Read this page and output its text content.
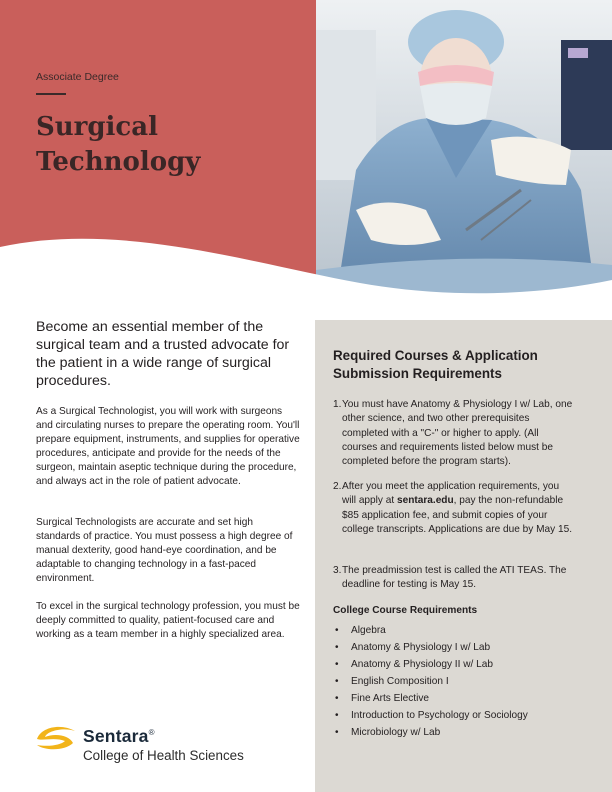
Associate Degree
Surgical Technology

Become an essential member of the surgical team and a trusted advocate for the patient in a wide range of surgical procedures.

As a Surgical Technologist, you will work with surgeons and circulating nurses to prepare the operating room. You'll prepare equipment, instruments, and supplies for operative procedures, anticipate and provide for the needs of the surgeon, maintain aseptic technique during the procedure, and always act in the role of patient advocate.

Surgical Technologists are accurate and set high standards of practice. You must possess a high degree of manual dexterity, good hand-eye coordination, and be adaptable to changing technology in a fast-paced environment.

To excel in the surgical technology profession, you must be deeply committed to quality, patient-focused care and working as a team member in a highly specialized area.

Required Courses & Application Submission Requirements
1. You must have Anatomy & Physiology I w/ Lab, one other science, and two other prerequisites completed with a "C-" or higher to apply. (All courses and requirements listed below must be completed before the program starts).
2. After you meet the application requirements, you will apply at sentara.edu, pay the non-refundable $85 application fee, and submit copies of your college transcripts. Applications are due by May 15.
3. The preadmission test is called the ATI TEAS. The deadline for testing is May 15.
College Course Requirements
• Algebra
• Anatomy & Physiology I w/ Lab
• Anatomy & Physiology II w/ Lab
• English Composition I
• Fine Arts Elective
• Introduction to Psychology or Sociology
• Microbiology w/ Lab
Sentara®
College of Health Sciences
